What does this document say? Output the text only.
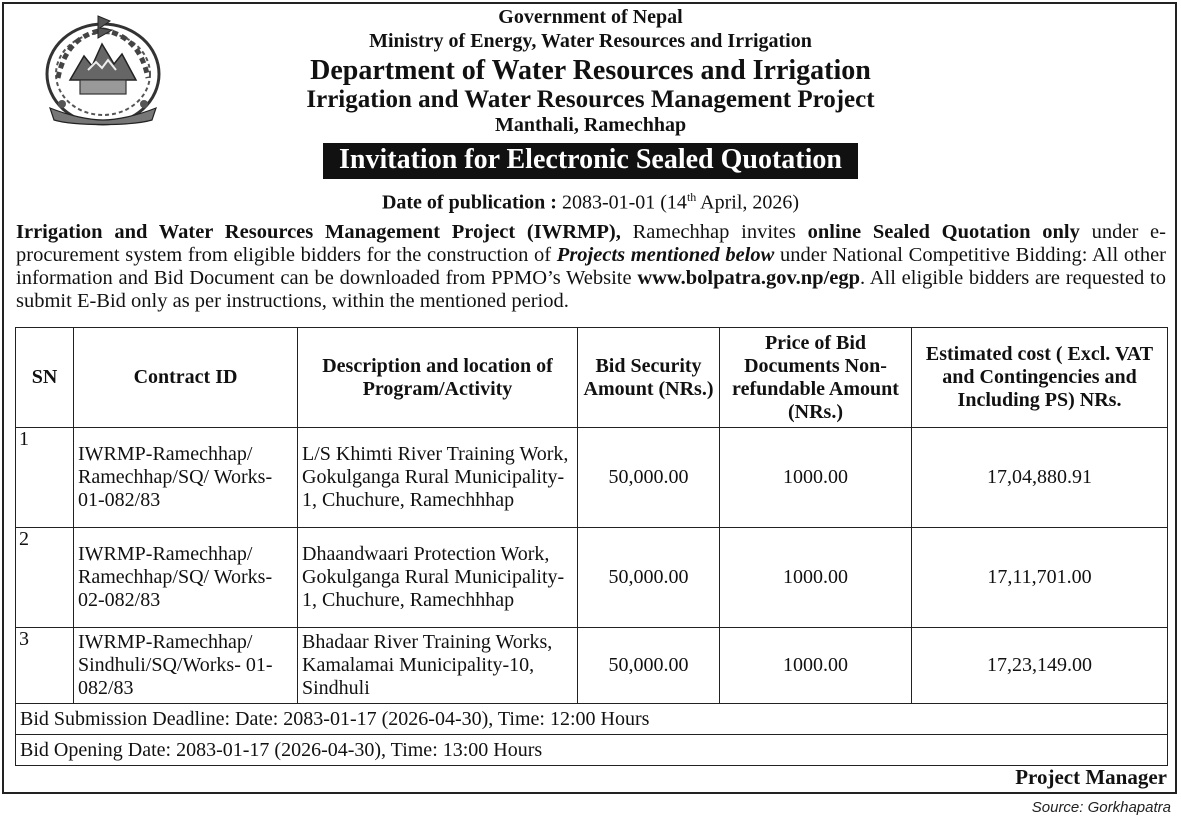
Government of Nepal
Ministry of Energy, Water Resources and Irrigation
Department of Water Resources and Irrigation
Irrigation and Water Resources Management Project
Manthali, Ramechhap
Invitation for Electronic Sealed Quotation
Date of publication : 2083-01-01 (14th April, 2026)
Irrigation and Water Resources Management Project (IWRMP), Ramechhap invites online Sealed Quotation only under e-procurement system from eligible bidders for the construction of Projects mentioned below under National Competitive Bidding: All other information and Bid Document can be downloaded from PPMO’s Website www.bolpatra.gov.np/egp. All eligible bidders are requested to submit E-Bid only as per instructions, within the mentioned period.
SN	Contract ID	Description and location of Program/Activity	Bid Security Amount (NRs.)	Price of Bid Documents Non-refundable Amount (NRs.)	Estimated cost ( Excl. VAT and Contingencies and Including PS) NRs.
1	IWRMP-Ramechhap/ Ramechhap/SQ/ Works-01-082/83	L/S Khimti River Training Work, Gokulganga Rural Municipality-1, Chuchure, Ramechhhap	50,000.00	1000.00	17,04,880.91
2	IWRMP-Ramechhap/ Ramechhap/SQ/ Works-02-082/83	Dhaandwaari Protection Work, Gokulganga Rural Municipality-1, Chuchure, Ramechhhap	50,000.00	1000.00	17,11,701.00
3	IWRMP-Ramechhap/ Sindhuli/SQ/Works- 01-082/83	Bhadaar River Training Works, Kamalamai Municipality-10, Sindhuli	50,000.00	1000.00	17,23,149.00
Bid Submission Deadline: Date: 2083-01-17 (2026-04-30), Time: 12:00 Hours					
Bid Opening Date: 2083-01-17 (2026-04-30), Time: 13:00 Hours					
Project Manager
Source: Gorkhapatra
